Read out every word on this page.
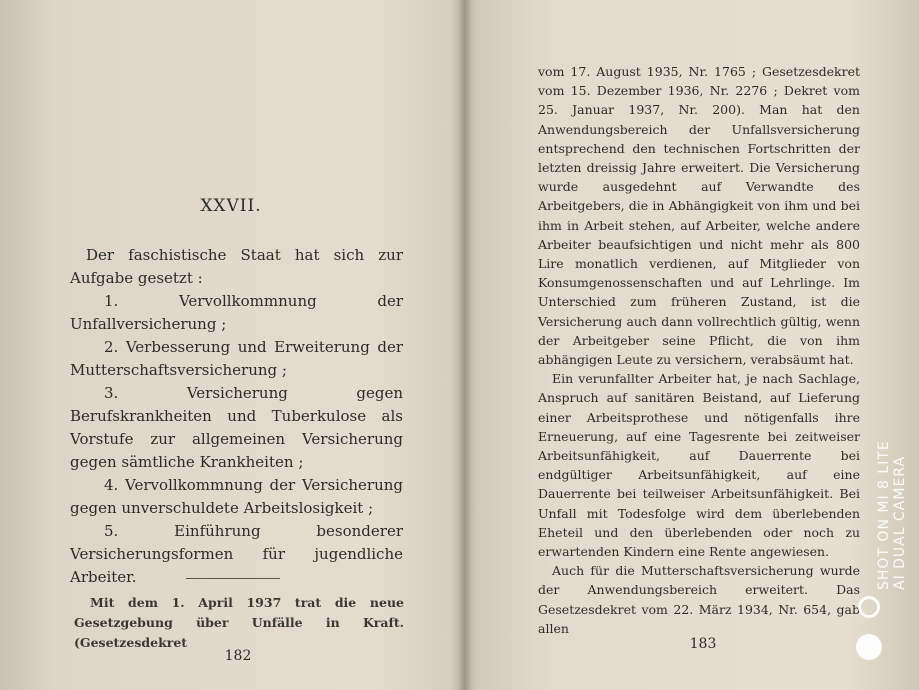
XXVII.

Der faschistische Staat hat sich zur Aufgabe gesetzt :

1. Vervollkommnung der Unfallversicherung ;

2. Verbesserung und Erweiterung der Mutterschaftsversicherung ;

3. Versicherung gegen Berufskrankheiten und Tuberkulose als Vorstufe zur allgemeinen Versicherung gegen sämtliche Krankheiten ;

4. Vervollkommnung der Versicherung gegen unverschuldete Arbeitslosigkeit ;

5. Einführung besonderer Versicherungsformen für jugendliche Arbeiter.

Mit dem 1. April 1937 trat die neue Gesetzgebung über Unfälle in Kraft. (Gesetzesdekret
182

vom 17. August 1935, Nr. 1765 ; Gesetzesdekret vom 15. Dezember 1936, Nr. 2276 ; Dekret vom 25. Januar 1937, Nr. 200). Man hat den Anwendungsbereich der Unfallsversicherung entsprechend den technischen Fortschritten der letzten dreissig Jahre erweitert. Die Versicherung wurde ausgedehnt auf Verwandte des Arbeitgebers, die in Abhängigkeit von ihm und bei ihm in Arbeit stehen, auf Arbeiter, welche andere Arbeiter beaufsichtigen und nicht mehr als 800 Lire monatlich verdienen, auf Mitglieder von Konsumgenossenschaften und auf Lehrlinge. Im Unterschied zum früheren Zustand, ist die Versicherung auch dann vollrechtlich gültig, wenn der Arbeitgeber seine Pflicht, die von ihm abhängigen Leute zu versichern, verabsäumt hat.

Ein verunfallter Arbeiter hat, je nach Sachlage, Anspruch auf sanitären Beistand, auf Lieferung einer Arbeitsprothese und nötigenfalls ihre Erneuerung, auf eine Tagesrente bei zeitweiser Arbeitsunfähigkeit, auf Dauerrente bei endgültiger Arbeitsunfähigkeit, auf eine Dauerrente bei teilweiser Arbeitsunfähigkeit. Bei Unfall mit Todesfolge wird dem überlebenden Eheteil und den überlebenden oder noch zu erwartenden Kindern eine Rente angewiesen.

Auch für die Mutterschaftsversicherung wurde der Anwendungsbereich erweitert. Das Gesetzesdekret vom 22. März 1934, Nr. 654, gab allen

183
SHOT ON MI 8 LITE AI DUAL CAMERA
